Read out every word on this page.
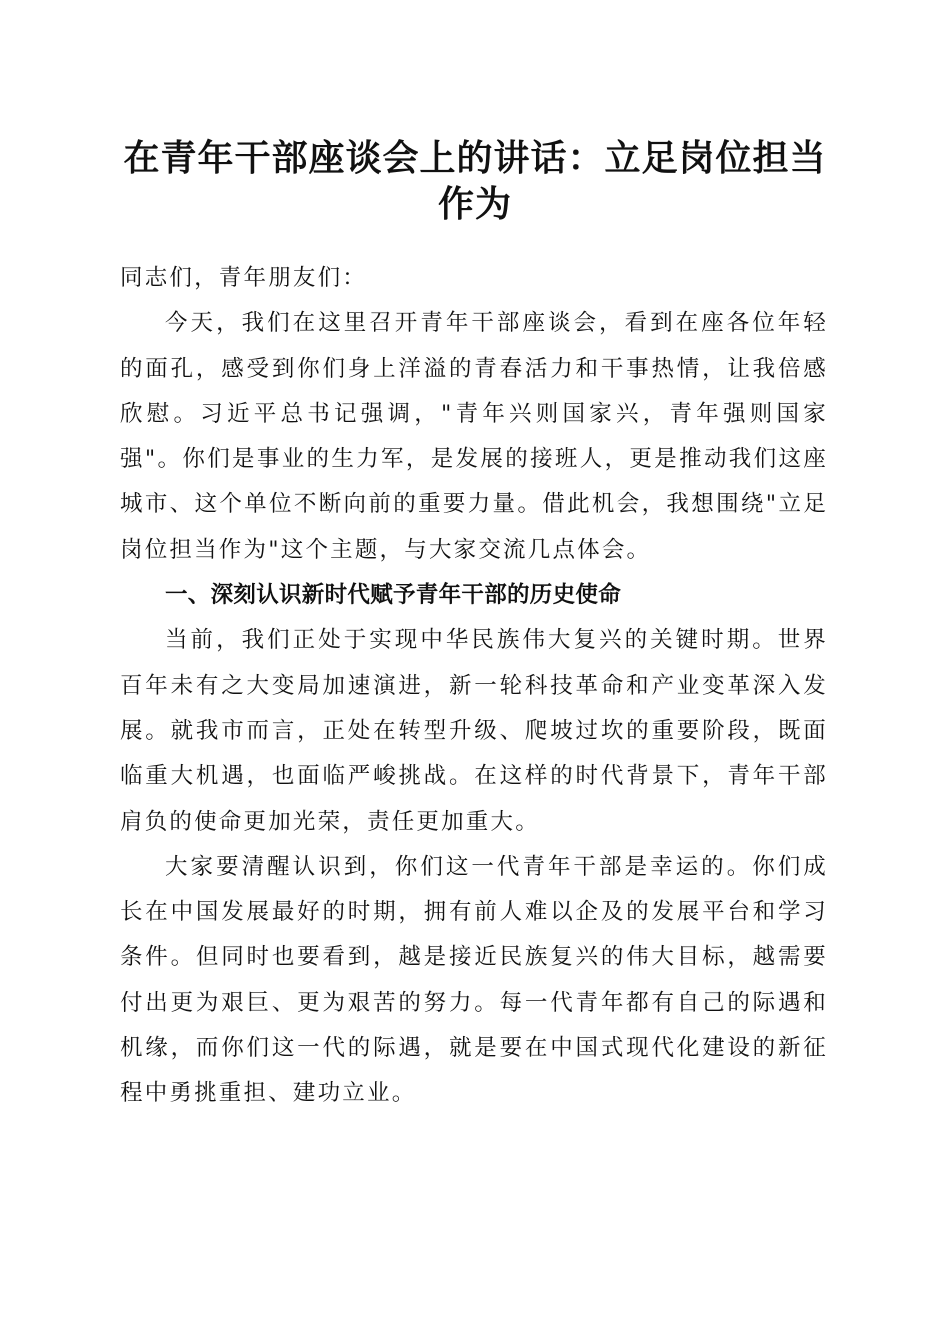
在青年干部座谈会上的讲话：立足岗位担当作为

同志们，青年朋友们：

今天，我们在这里召开青年干部座谈会，看到在座各位年轻的面孔，感受到你们身上洋溢的青春活力和干事热情，让我倍感欣慰。习近平总书记强调，"青年兴则国家兴，青年强则国家强"。你们是事业的生力军，是发展的接班人，更是推动我们这座城市、这个单位不断向前的重要力量。借此机会，我想围绕"立足岗位担当作为"这个主题，与大家交流几点体会。

一、深刻认识新时代赋予青年干部的历史使命

当前，我们正处于实现中华民族伟大复兴的关键时期。世界百年未有之大变局加速演进，新一轮科技革命和产业变革深入发展。就我市而言，正处在转型升级、爬坡过坎的重要阶段，既面临重大机遇，也面临严峻挑战。在这样的时代背景下，青年干部肩负的使命更加光荣，责任更加重大。

大家要清醒认识到，你们这一代青年干部是幸运的。你们成长在中国发展最好的时期，拥有前人难以企及的发展平台和学习条件。但同时也要看到，越是接近民族复兴的伟大目标，越需要付出更为艰巨、更为艰苦的努力。每一代青年都有自己的际遇和机缘，而你们这一代的际遇，就是要在中国式现代化建设的新征程中勇挑重担、建功立业。
